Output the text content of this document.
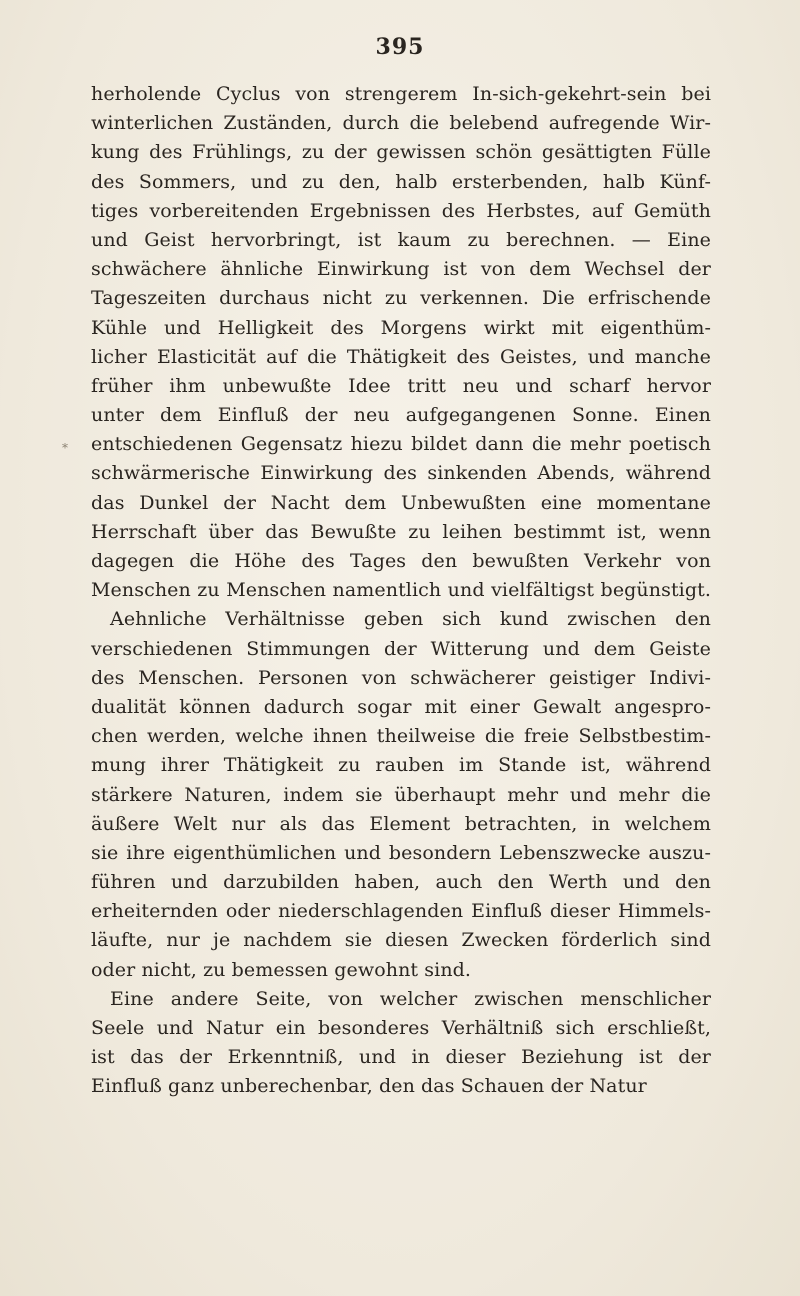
395
⁎
herholende Cyclus von strengerem In-sich-gekehrt-sein bei
winterlichen Zuständen, durch die belebend aufregende Wir-
kung des Frühlings, zu der gewissen schön gesättigten Fülle
des Sommers, und zu den, halb ersterbenden, halb Künf-
tiges vorbereitenden Ergebnissen des Herbstes, auf Gemüth
und Geist hervorbringt, ist kaum zu berechnen. — Eine
schwächere ähnliche Einwirkung ist von dem Wechsel der
Tageszeiten durchaus nicht zu verkennen. Die erfrischende
Kühle und Helligkeit des Morgens wirkt mit eigenthüm-
licher Elasticität auf die Thätigkeit des Geistes, und manche
früher ihm unbewußte Idee tritt neu und scharf hervor
unter dem Einfluß der neu aufgegangenen Sonne. Einen
entschiedenen Gegensatz hiezu bildet dann die mehr poetisch
schwärmerische Einwirkung des sinkenden Abends, während
das Dunkel der Nacht dem Unbewußten eine momentane
Herrschaft über das Bewußte zu leihen bestimmt ist, wenn
dagegen die Höhe des Tages den bewußten Verkehr von
Menschen zu Menschen namentlich und vielfältigst begünstigt.
Aehnliche Verhältnisse geben sich kund zwischen den
verschiedenen Stimmungen der Witterung und dem Geiste
des Menschen. Personen von schwächerer geistiger Indivi-
dualität können dadurch sogar mit einer Gewalt angespro-
chen werden, welche ihnen theilweise die freie Selbstbestim-
mung ihrer Thätigkeit zu rauben im Stande ist, während
stärkere Naturen, indem sie überhaupt mehr und mehr die
äußere Welt nur als das Element betrachten, in welchem
sie ihre eigenthümlichen und besondern Lebenszwecke auszu-
führen und darzubilden haben, auch den Werth und den
erheiternden oder niederschlagenden Einfluß dieser Himmels-
läufte, nur je nachdem sie diesen Zwecken förderlich sind
oder nicht, zu bemessen gewohnt sind.
Eine andere Seite, von welcher zwischen menschlicher
Seele und Natur ein besonderes Verhältniß sich erschließt,
ist das der Erkenntniß, und in dieser Beziehung ist der
Einfluß ganz unberechenbar, den das Schauen der Natur
